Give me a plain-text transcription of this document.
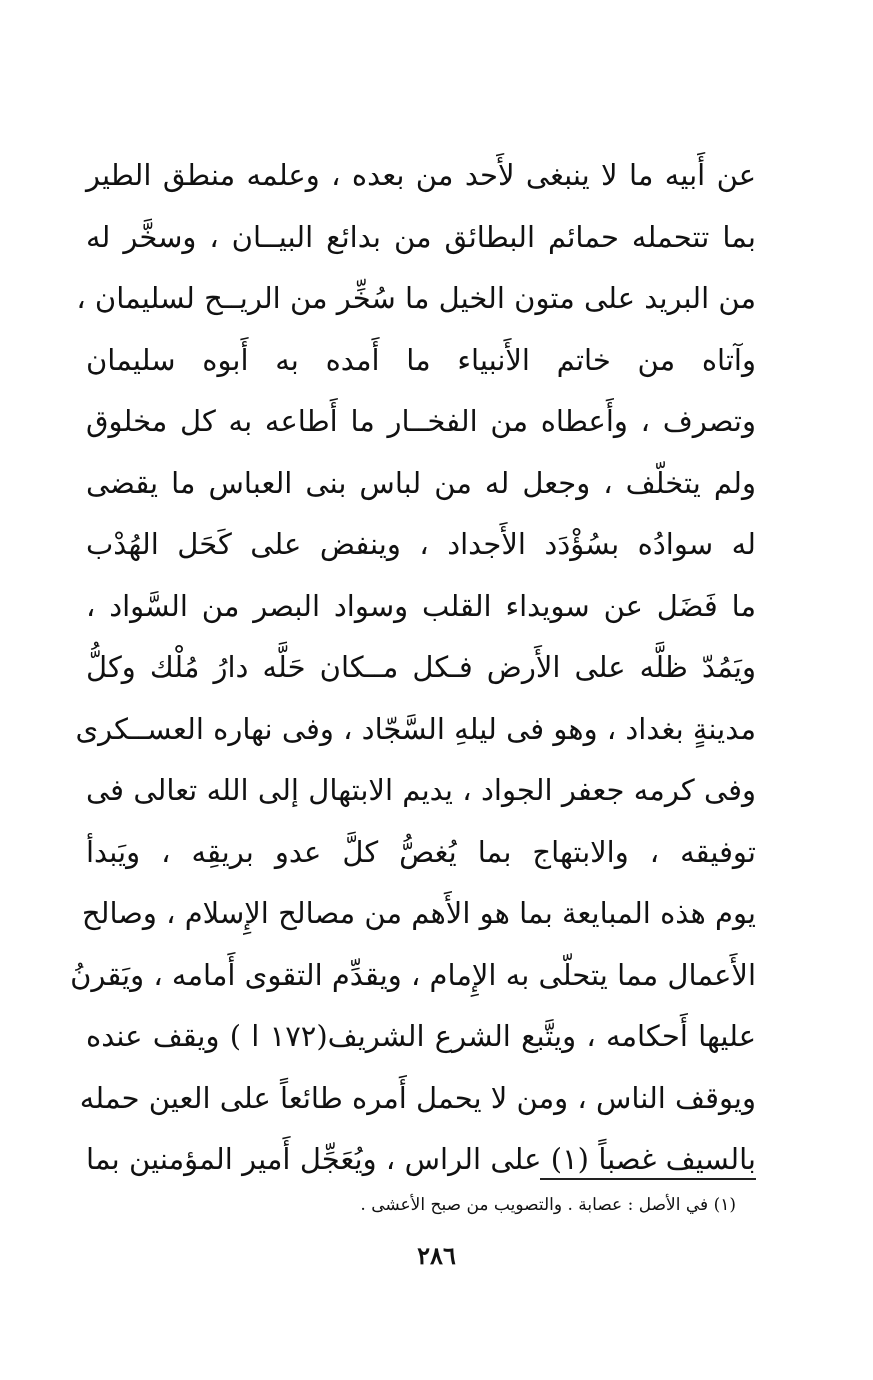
عن أَبيه ما لا ينبغى لأَحد من بعده ، وعلمه منطق الطير
بما تتحمله حمائم البطائق من بدائع البيــان ، وسخَّر له
من البريد على متون الخيل ما سُخِّر من الريــح لسليمان ،
وآتاه من خاتم الأَنبياء ما أَمده به أَبوه سليمان
وتصرف ، وأَعطاه من الفخــار ما أَطاعه به كل مخلوق
ولم يتخلّف ، وجعل له من لباس بنى العباس ما يقضى
له سوادُه بسُؤْدَد الأَجداد ، وينفض على كَحَل الهُدْب
ما فَضَل عن سويداء القلب وسواد البصر من السَّواد ،
ويَمُدّ ظلَّه على الأَرض فـكل مــكان حَلَّه دارُ مُلْك وكلُّ
مدينةٍ بغداد ، وهو فى ليلهِ السَّجّاد ، وفى نهاره العســكرى
وفى كرمه جعفر الجواد ، يديم الابتهال إلى الله تعالى فى
توفيقه ، والابتهاج بما يُغصُّ كلَّ عدو بريقِه ، ويَبدأ
يوم هذه المبايعة بما هو الأَهم من مصالح الإِسلام ، وصالح
الأَعمال مما يتحلّى به الإِمام ، ويقدِّم التقوى أَمامه ، ويَقرنُ
عليها أَحكامه ، ويتَّبع الشرع الشريف(١٧٢ ا ) ويقف عنده
ويوقف الناس ، ومن لا يحمل أَمره طائعاً على العين حمله
بالسيف غصباً (١) على الراس ، ويُعَجِّل أَمير المؤمنين بما
(١) في الأصل : عصابة . والتصويب من صبح الأعشى .
٢٨٦
